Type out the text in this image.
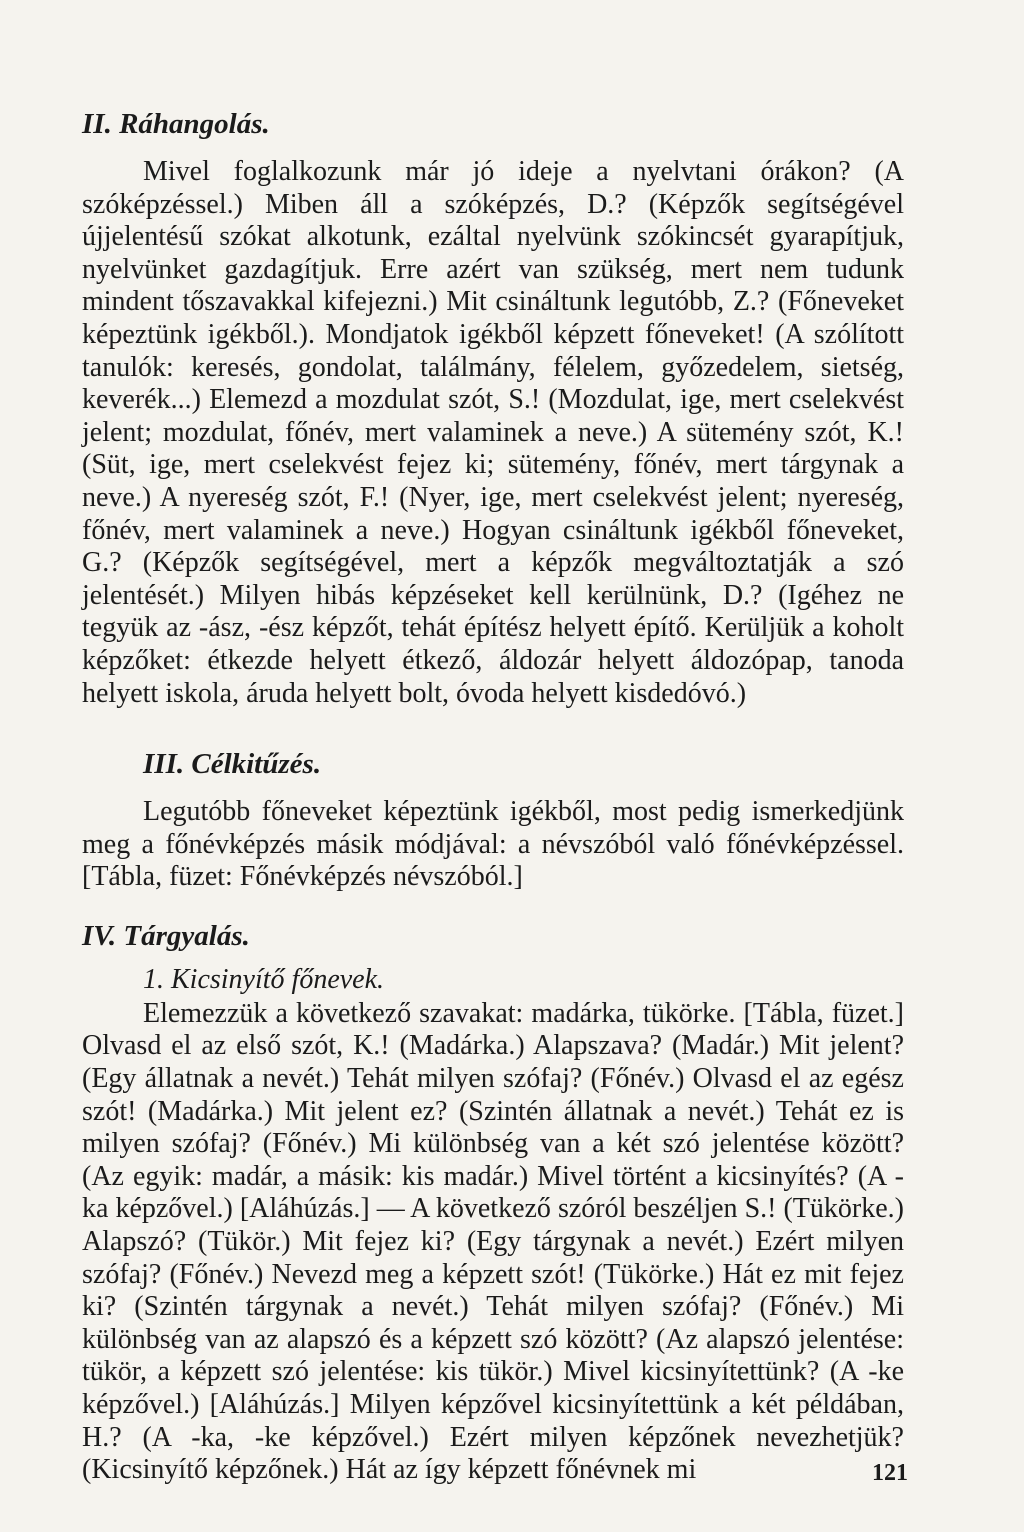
II. Ráhangolás.

Mivel foglalkozunk már jó ideje a nyelvtani órákon? (A szóképzéssel.) Miben áll a szóképzés, D.? (Képzők segítségével újjelentésű szókat alkotunk, ezáltal nyelvünk szókincsét gyarapítjuk, nyelvünket gazdagítjuk. Erre azért van szükség, mert nem tudunk mindent tőszavakkal kifejezni.) Mit csináltunk legutóbb, Z.? (Főneveket képeztünk igékből.). Mondjatok igékből képzett főneveket! (A szólított tanulók: keresés, gondolat, találmány, félelem, győzedelem, sietség, keverék...) Elemezd a mozdulat szót, S.! (Mozdulat, ige, mert cselekvést jelent; mozdulat, főnév, mert valaminek a neve.) A sütemény szót, K.! (Süt, ige, mert cselekvést fejez ki; sütemény, főnév, mert tárgynak a neve.) A nyereség szót, F.! (Nyer, ige, mert cselekvést jelent; nyereség, főnév, mert valaminek a neve.) Hogyan csináltunk igékből főneveket, G.? (Képzők segítségével, mert a képzők megváltoztatják a szó jelentését.) Milyen hibás képzéseket kell kerülnünk, D.? (Igéhez ne tegyük az -ász, -ész képzőt, tehát építész helyett építő. Kerüljük a koholt képzőket: étkezde helyett étkező, áldozár helyett áldozópap, tanoda helyett iskola, áruda helyett bolt, óvoda helyett kisdedóvó.)

III. Célkitűzés.

Legutóbb főneveket képeztünk igékből, most pedig ismerkedjünk meg a főnévképzés másik módjával: a névszóból való főnévképzéssel. [Tábla, füzet: Főnévképzés névszóból.]

IV. Tárgyalás.

1. Kicsinyítő főnevek.

Elemezzük a következő szavakat: madárka, tükörke. [Tábla, füzet.] Olvasd el az első szót, K.! (Madárka.) Alapszava? (Madár.) Mit jelent? (Egy állatnak a nevét.) Tehát milyen szófaj? (Főnév.) Olvasd el az egész szót! (Madárka.) Mit jelent ez? (Szintén állatnak a nevét.) Tehát ez is milyen szófaj? (Főnév.) Mi különbség van a két szó jelentése között? (Az egyik: madár, a másik: kis madár.) Mivel történt a kicsinyítés? (A -ka képzővel.) [Aláhúzás.] — A következő szóról beszéljen S.! (Tükörke.) Alapszó? (Tükör.) Mit fejez ki? (Egy tárgynak a nevét.) Ezért milyen szófaj? (Főnév.) Nevezd meg a képzett szót! (Tükörke.) Hát ez mit fejez ki? (Szintén tárgynak a nevét.) Tehát milyen szófaj? (Főnév.) Mi különbség van az alapszó és a képzett szó között? (Az alapszó jelentése: tükör, a képzett szó jelentése: kis tükör.) Mivel kicsinyítettünk? (A -ke képzővel.) [Aláhúzás.] Milyen képzővel kicsinyítettünk a két példában, H.? (A -ka, -ke képzővel.) Ezért milyen képzőnek nevezhetjük? (Kicsinyítő képzőnek.) Hát az így képzett főnévnek mi	121
